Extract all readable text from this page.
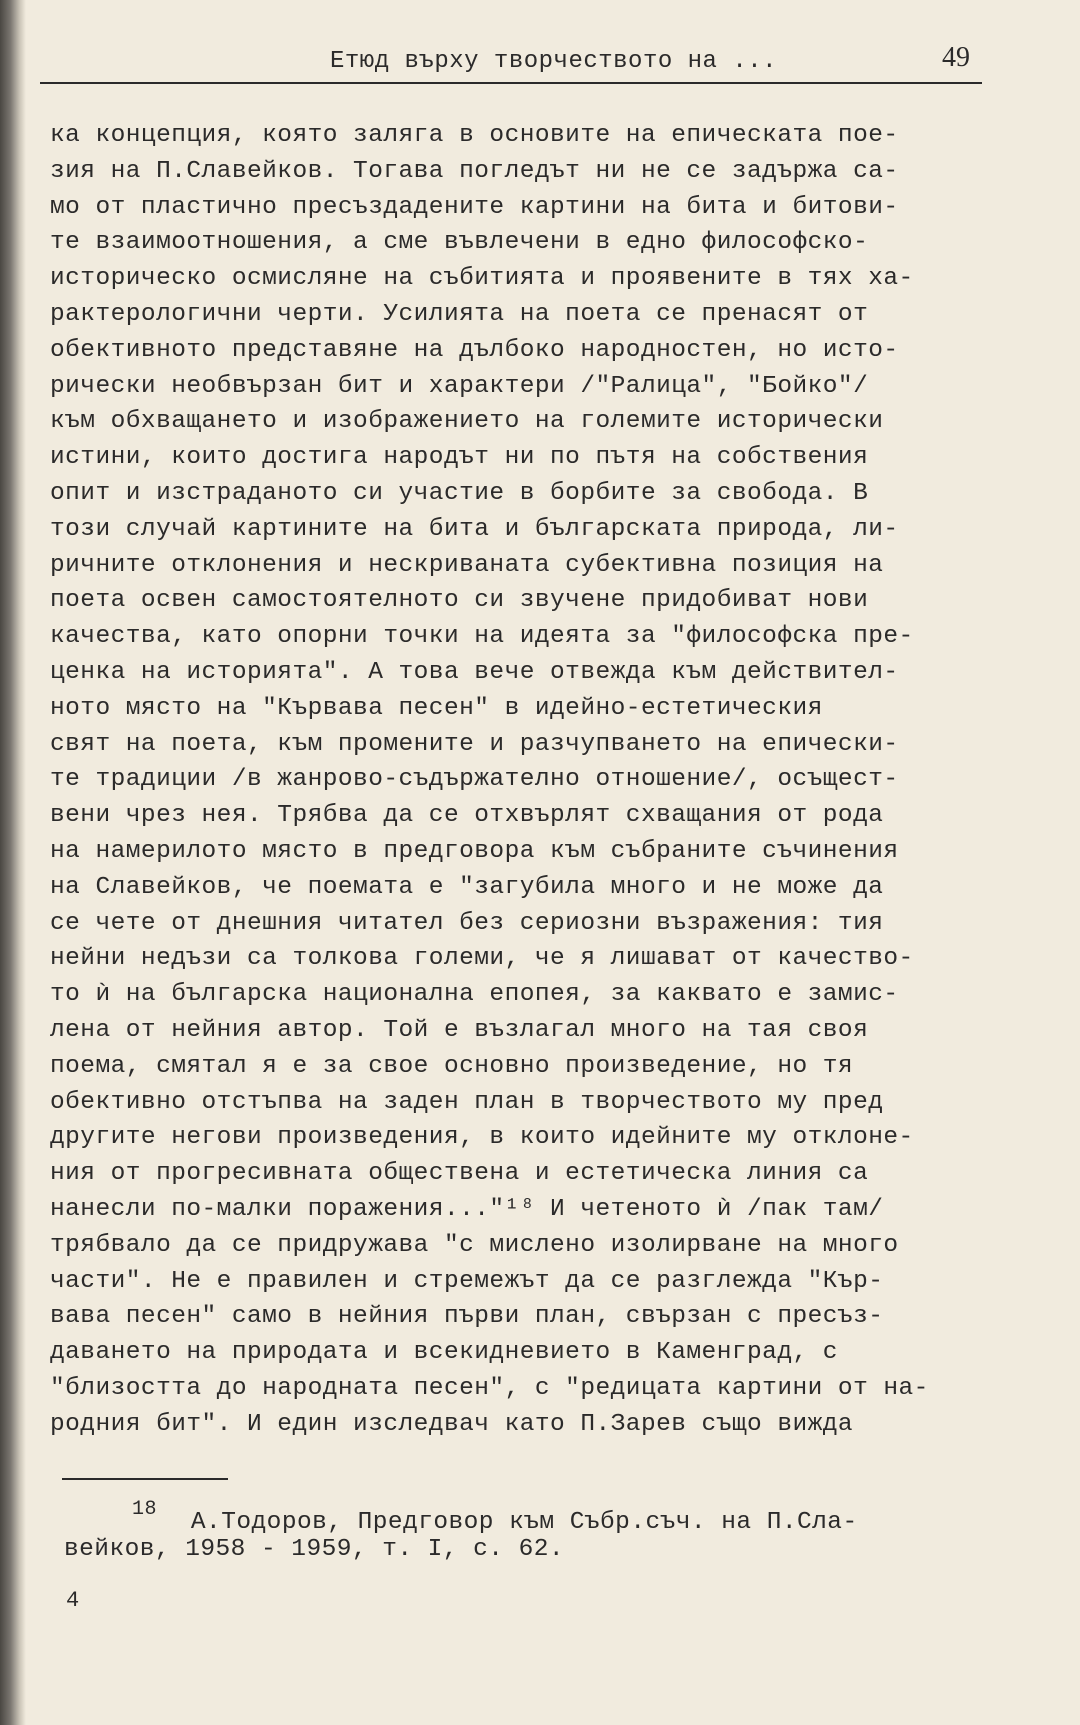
Етюд върху творчеството на ...	49
ка концепция, която заляга в основите на епическата пое-
зия на П.Славейков. Тогава погледът ни не се задържа са-
мо от пластично пресъздадените картини на бита и битови-
те взаимоотношения, а сме въвлечени в едно философско-
историческо осмисляне на събитията и проявените в тях ха-
рактерологични черти. Усилията на поета се пренасят от
обективното представяне на дълбоко народностен, но исто-
рически необвързан бит и характери /"Ралица", "Бойко"/
към обхващането и изображението на големите исторически
истини, които достига народът ни по пътя на собствения
опит и изстраданото си участие в борбите за свобода. В
този случай картините на бита и българската природа, ли-
ричните отклонения и нескриваната субективна позиция на
поета освен самостоятелното си звучене придобиват нови
качества, като опорни точки на идеята за "философска пре-
ценка на историята". А това вече отвежда към действител-
ното място на "Кървава песен" в идейно-естетическия
свят на поета, към промените и разчупването на епически-
те традиции /в жанрово-съдържателно отношение/, осъщест-
вени чрез нея. Трябва да се отхвърлят схващания от рода
на намерилото място в предговора към събраните съчинения
на Славейков, че поемата е "загубила много и не може да
се чете от днешния читател без сериозни възражения: тия
нейни недъзи са толкова големи, че я лишават от качество-
то ѝ на българска национална епопея, за каквато е замис-
лена от нейния автор. Той е възлагал много на тая своя
поема, смятал я е за свое основно произведение, но тя
обективно отстъпва на заден план в творчеството му пред
другите негови произведения, в които идейните му отклоне-
ния от прогресивната обществена и естетическа линия са
нанесли по-малки поражения..."¹⁸ И четеното ѝ /пак там/
трябвало да се придружава "с мислено изолирване на много
части". Не е правилен и стремежът да се разглежда "Кър-
вава песен" само в нейния първи план, свързан с пресъз-
даването на природата и всекидневието в Каменград, с
"близостта до народната песен", с "редицата картини от на-
родния бит". И един изследвач като П.Зарев също вижда
$^{18}$ А.Тодоров, Предговор към Събр.съч. на П.Сла-
вейков, 1958 - 1959, т. I, с. 62.
4
